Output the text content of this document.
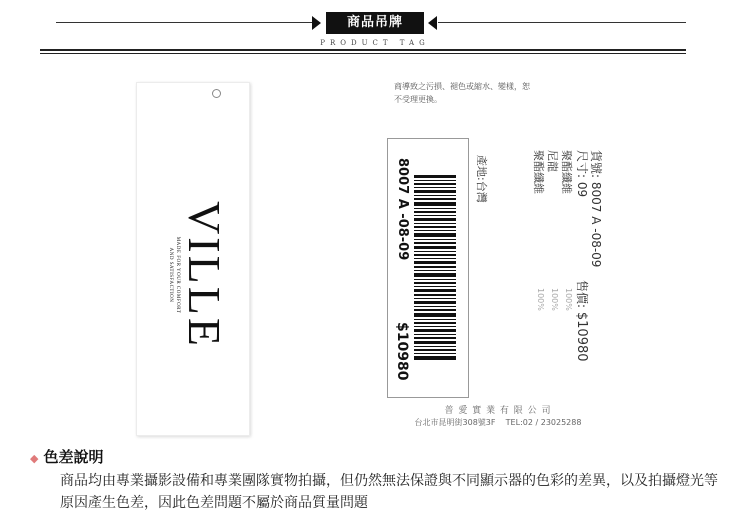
商品吊牌
PRODUCT TAG
VILLE
MADE FOR YOUR COMFORT
AND SATISFACTION
商導致之污損、褪色或縮水、變樣，恕
不受理更換。
貨號: 8007 A -08-09
尺寸: 09
售價: $10980
聚酯纖維
尼龍
聚酯纖維
100%
100%
100%
產地:台灣
8007 A -08-09
$10980
普 愛 實 業 有 限 公 司
台北市昆明街308號3F TEL:02 / 23025288
◆ 色差說明
商品均由專業攝影設備和專業團隊實物拍攝，但仍然無法保證與不同顯示器的色彩的差異，以及拍攝燈光等原因產生色差，因此色差問題不屬於商品質量問題
